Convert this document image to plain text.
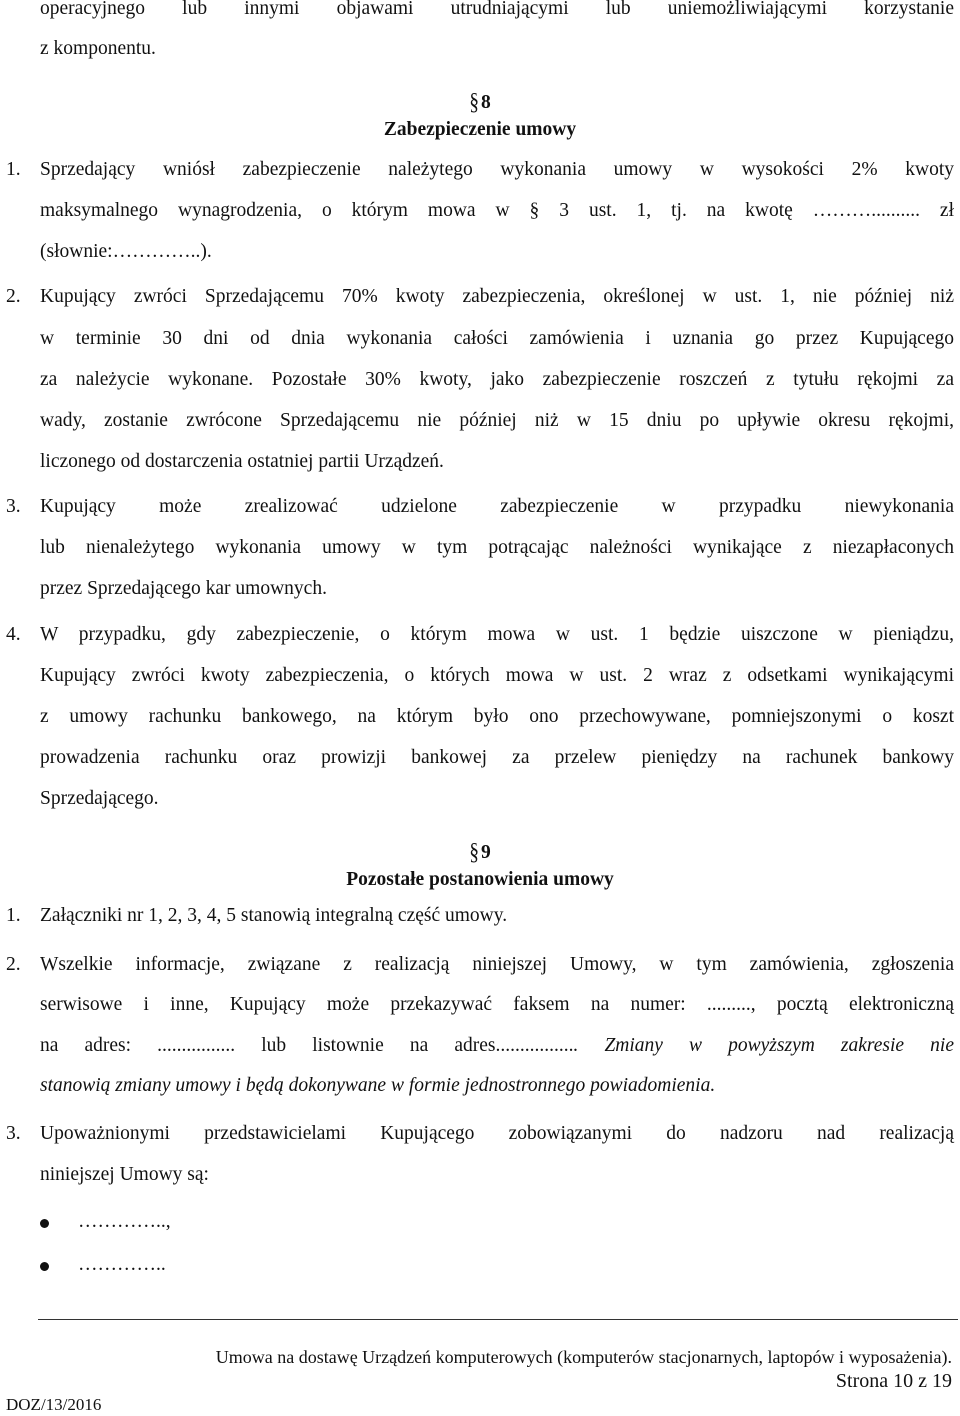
operacyjnego lub innymi objawami utrudniającymi lub uniemożliwiającymi korzystanie
z komponentu.
§ 8
Zabezpieczenie umowy
1. Sprzedający wniósł zabezpieczenie należytego wykonania umowy w wysokości 2% kwoty
maksymalnego wynagrodzenia, o którym mowa w § 3 ust. 1, tj. na kwotę ……….......... zł
(słownie:…………..).
2. Kupujący zwróci Sprzedającemu 70% kwoty zabezpieczenia, określonej w ust. 1, nie później niż
w terminie 30 dni od dnia wykonania całości zamówienia i uznania go przez Kupującego
za należycie wykonane. Pozostałe 30% kwoty, jako zabezpieczenie roszczeń z tytułu rękojmi za
wady, zostanie zwrócone Sprzedającemu nie później niż w 15 dniu po upływie okresu rękojmi,
liczonego od dostarczenia ostatniej partii Urządzeń.
3. Kupujący może zrealizować udzielone zabezpieczenie w przypadku niewykonania
lub nienależytego wykonania umowy w tym potrącając należności wynikające z niezapłaconych
przez Sprzedającego kar umownych.
4. W przypadku, gdy zabezpieczenie, o którym mowa w ust. 1 będzie uiszczone w pieniądzu,
Kupujący zwróci kwoty zabezpieczenia, o których mowa w ust. 2 wraz z odsetkami wynikającymi
z umowy rachunku bankowego, na którym było ono przechowywane, pomniejszonymi o koszt
prowadzenia rachunku oraz prowizji bankowej za przelew pieniędzy na rachunek bankowy
Sprzedającego.
§ 9
Pozostałe postanowienia umowy
1. Załączniki nr 1, 2, 3, 4, 5 stanowią integralną część umowy.
2. Wszelkie informacje, związane z realizacją niniejszej Umowy, w tym zamówienia, zgłoszenia
serwisowe i inne, Kupujący może przekazywać faksem na numer: ........., pocztą elektroniczną
na adres: ................ lub listownie na adres................. Zmiany w powyższym zakresie nie
stanowią zmiany umowy i będą dokonywane w formie jednostronnego powiadomienia.
3. Upoważnionymi przedstawicielami Kupującego zobowiązanymi do nadzoru nad realizacją
niniejszej Umowy są:
…………..,
…………..
Umowa na dostawę Urządzeń komputerowych (komputerów stacjonarnych, laptopów i wyposażenia).
Strona 10 z 19
DOZ/13/2016
